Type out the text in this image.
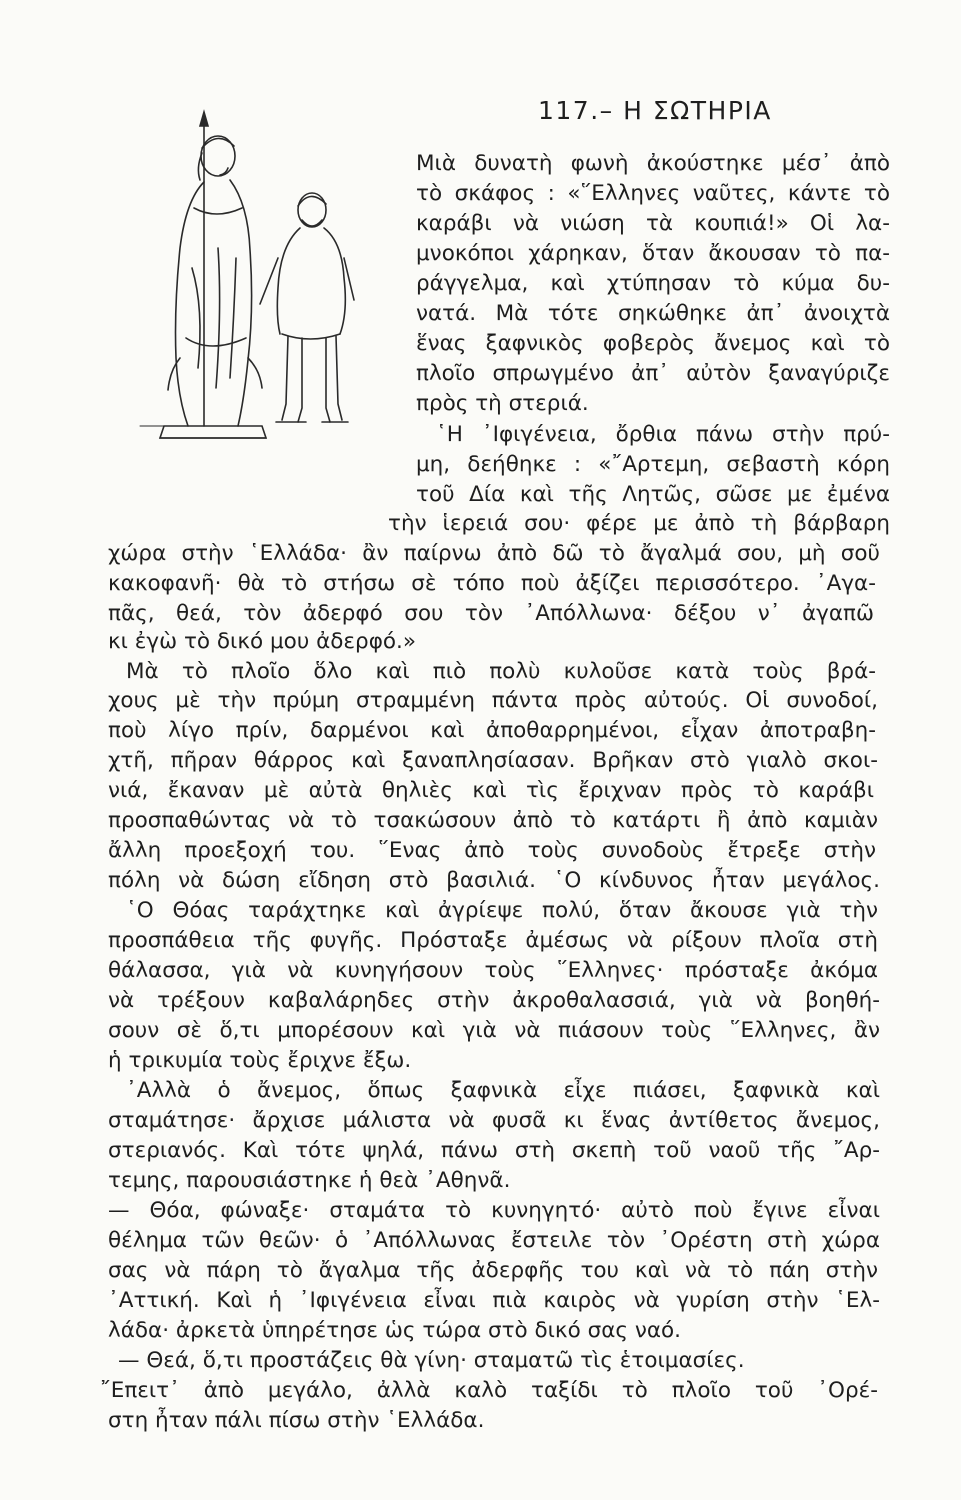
117.– Η ΣΩΤΗΡΙΑ

Μιὰ δυνατὴ φωνὴ ἀκούστηκε μέσ᾽ ἀπὸ

τὸ σκάφος : «῞Ελληνες ναῦτες, κάντε τὸ

καράβι νὰ νιώση τὰ κουπιά!» Οἱ λα-

μνοκόποι χάρηκαν, ὅταν ἄκουσαν τὸ πα-

ράγγελμα, καὶ χτύπησαν τὸ κύμα δυ-

νατά. Μὰ τότε σηκώθηκε ἀπ᾽ ἀνοιχτὰ

ἕνας ξαφνικὸς φοβερὸς ἄνεμος καὶ τὸ

πλοῖο σπρωγμένο ἀπ᾽ αὐτὸν ξαναγύριζε

πρὸς τὴ στεριά.

῾Η ᾽Ιφιγένεια, ὄρθια πάνω στὴν πρύ-

μη, δεήθηκε : «῎Αρτεμη, σεβαστὴ κόρη

τοῦ Δία καὶ τῆς Λητῶς, σῶσε με ἐμένα

τὴν ἱερειά σου· φέρε με ἀπὸ τὴ βάρβαρη

χώρα στὴν ῾Ελλάδα· ἂν παίρνω ἀπὸ δῶ τὸ ἄγαλμά σου, μὴ σοῦ

κακοφανῆ· θὰ τὸ στήσω σὲ τόπο ποὺ ἀξίζει περισσότερο. ᾽Αγα-

πᾶς, θεά, τὸν ἀδερφό σου τὸν ᾽Απόλλωνα· δέξου ν᾽ ἀγαπῶ

κι ἐγὼ τὸ δικό μου ἀδερφό.»

Μὰ τὸ πλοῖο ὅλο καὶ πιὸ πολὺ κυλοῦσε κατὰ τοὺς βρά-

χους μὲ τὴν πρύμη στραμμένη πάντα πρὸς αὐτούς. Οἱ συνοδοί,

ποὺ λίγο πρίν, δαρμένοι καὶ ἀποθαρρημένοι, εἶχαν ἀποτραβη-

χτῆ, πῆραν θάρρος καὶ ξαναπλησίασαν. Βρῆκαν στὸ γιαλὸ σκοι-

νιά, ἔκαναν μὲ αὐτὰ θηλιὲς καὶ τὶς ἔριχναν πρὸς τὸ καράβι

προσπαθώντας νὰ τὸ τσακώσουν ἀπὸ τὸ κατάρτι ἢ ἀπὸ καμιὰν

ἄλλη προεξοχή του. ῞Ενας ἀπὸ τοὺς συνοδοὺς ἔτρεξε στὴν

πόλη νὰ δώση εἴδηση στὸ βασιλιά. ῾Ο κίνδυνος ἦταν μεγάλος.

῾Ο Θόας ταράχτηκε καὶ ἀγρίεψε πολύ, ὅταν ἄκουσε γιὰ τὴν

προσπάθεια τῆς φυγῆς. Πρόσταξε ἀμέσως νὰ ρίξουν πλοῖα στὴ

θάλασσα, γιὰ νὰ κυνηγήσουν τοὺς ῞Ελληνες· πρόσταξε ἀκόμα

νὰ τρέξουν καβαλάρηδες στὴν ἀκροθαλασσιά, γιὰ νὰ βοηθή-

σουν σὲ ὅ,τι μπορέσουν καὶ γιὰ νὰ πιάσουν τοὺς ῞Ελληνες, ἂν

ἡ τρικυμία τοὺς ἔριχνε ἔξω.

᾽Αλλὰ ὁ ἄνεμος, ὅπως ξαφνικὰ εἶχε πιάσει, ξαφνικὰ καὶ

σταμάτησε· ἄρχισε μάλιστα νὰ φυσᾶ κι ἕνας ἀντίθετος ἄνεμος,

στεριανός. Καὶ τότε ψηλά, πάνω στὴ σκεπὴ τοῦ ναοῦ τῆς ῎Αρ-

τεμης, παρουσιάστηκε ἡ θεὰ ᾽Αθηνᾶ.

— Θόα, φώναξε· σταμάτα τὸ κυνηγητό· αὐτὸ ποὺ ἔγινε εἶναι

θέλημα τῶν θεῶν· ὁ ᾽Απόλλωνας ἔστειλε τὸν ᾽Ορέστη στὴ χώρα

σας νὰ πάρη τὸ ἄγαλμα τῆς ἀδερφῆς του καὶ νὰ τὸ πάη στὴν

᾽Αττική. Καὶ ἡ ᾽Ιφιγένεια εἶναι πιὰ καιρὸς νὰ γυρίση στὴν ῾Ελ-

λάδα· ἀρκετὰ ὑπηρέτησε ὡς τώρα στὸ δικό σας ναό.

— Θεά, ὅ,τι προστάζεις θὰ γίνη· σταματῶ τὶς ἑτοιμασίες.

῎Επειτ᾽ ἀπὸ μεγάλο, ἀλλὰ καλὸ ταξίδι τὸ πλοῖο τοῦ ᾽Ορέ-

στη ἦταν πάλι πίσω στὴν ῾Ελλάδα.
